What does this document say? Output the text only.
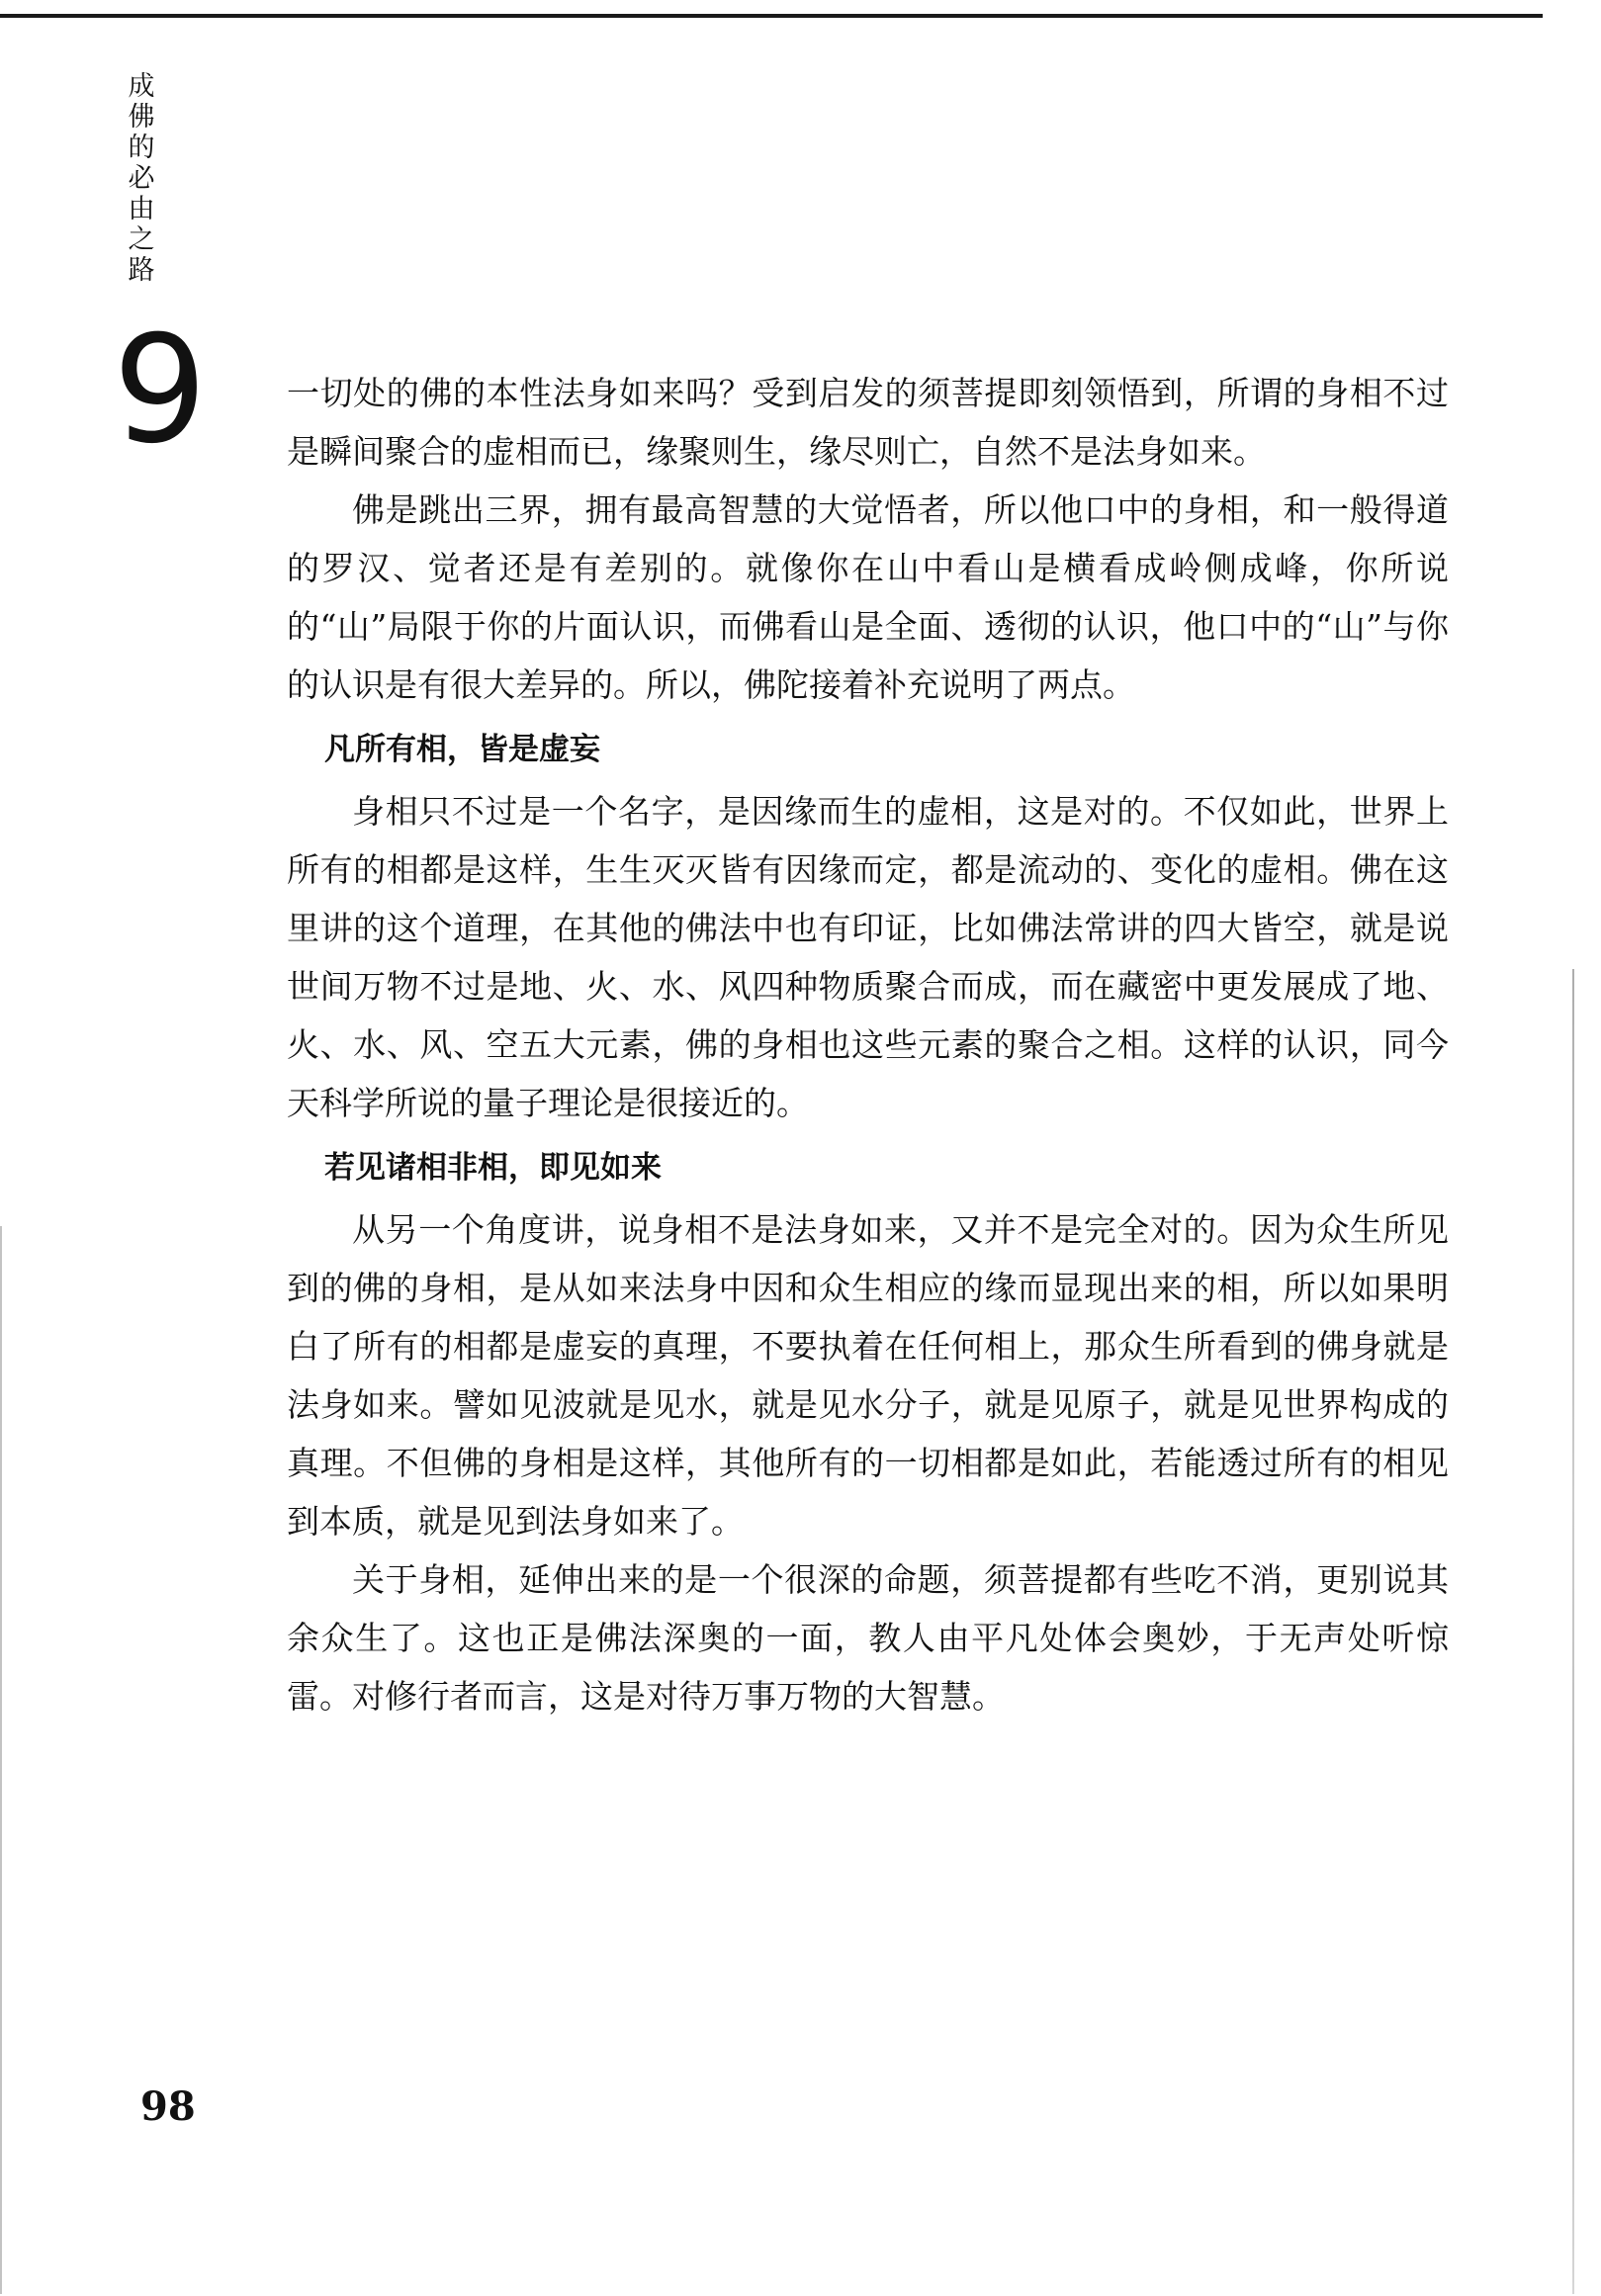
成佛的必由之路
9 一切处的佛的本性法身如来吗？受到启发的须菩提即刻领悟到，所谓的身相不过是瞬间聚合的虚相而已，缘聚则生，缘尽则亡，自然不是法身如来。

佛是跳出三界，拥有最高智慧的大觉悟者，所以他口中的身相，和一般得道的罗汉、觉者还是有差别的。就像你在山中看山是横看成岭侧成峰，你所说的“山”局限于你的片面认识，而佛看山是全面、透彻的认识，他口中的“山”与你的认识是有很大差异的。所以，佛陀接着补充说明了两点。

凡所有相，皆是虚妄

身相只不过是一个名字，是因缘而生的虚相，这是对的。不仅如此，世界上所有的相都是这样，生生灭灭皆有因缘而定，都是流动的、变化的虚相。佛在这里讲的这个道理，在其他的佛法中也有印证，比如佛法常讲的四大皆空，就是说世间万物不过是地、火、水、风四种物质聚合而成，而在藏密中更发展成了地、火、水、风、空五大元素，佛的身相也这些元素的聚合之相。这样的认识，同今天科学所说的量子理论是很接近的。

若见诸相非相，即见如来

从另一个角度讲，说身相不是法身如来，又并不是完全对的。因为众生所见到的佛的身相，是从如来法身中因和众生相应的缘而显现出来的相，所以如果明白了所有的相都是虚妄的真理，不要执着在任何相上，那众生所看到的佛身就是法身如来。譬如见波就是见水，就是见水分子，就是见原子，就是见世界构成的真理。不但佛的身相是这样，其他所有的一切相都是如此，若能透过所有的相见到本质，就是见到法身如来了。

关于身相，延伸出来的是一个很深的命题，须菩提都有些吃不消，更别说其余众生了。这也正是佛法深奥的一面，教人由平凡处体会奥妙，于无声处听惊雷。对修行者而言，这是对待万事万物的大智慧。

98
